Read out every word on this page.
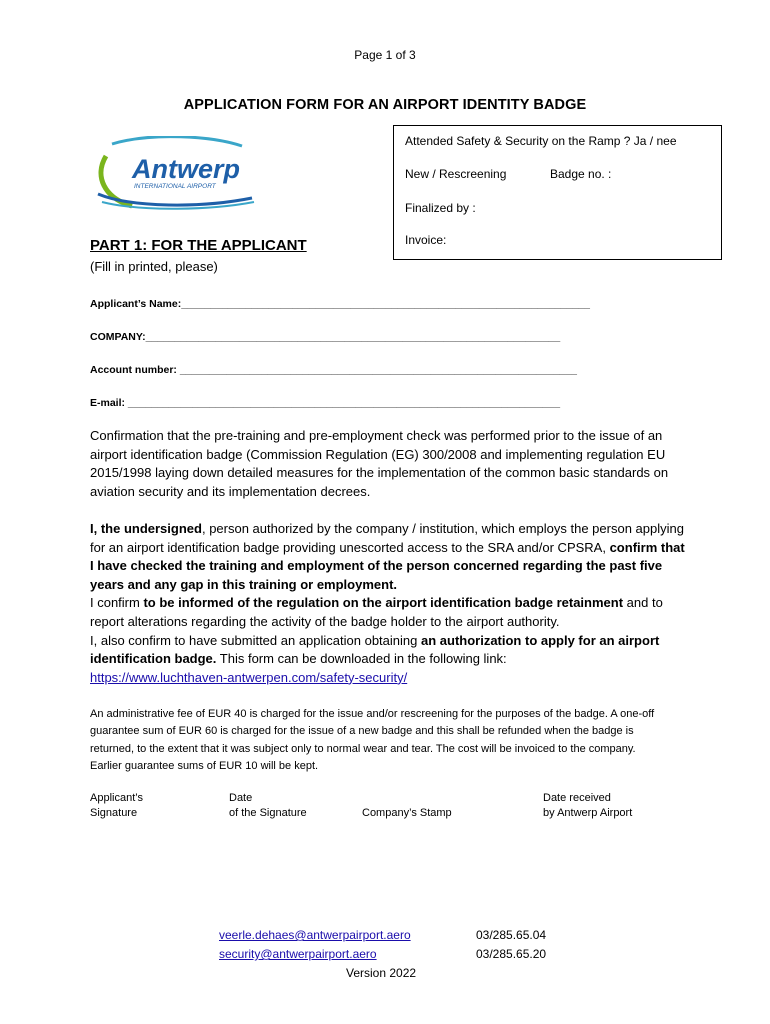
Page 1 of 3
APPLICATION FORM FOR AN AIRPORT IDENTITY BADGE
Antwerp
INTERNATIONAL AIRPORT
Attended Safety & Security on the Ramp ? Ja / nee
New / Rescreening	Badge no. :
Finalized by :
Invoice:
PART 1: FOR THE APPLICANT
(Fill in printed, please)
Applicant’s Name:______________________________________________________________________
COMPANY:_______________________________________________________________________
Account number: ____________________________________________________________________
E-mail: __________________________________________________________________________
Confirmation that the pre-training and pre-employment check was performed prior to the issue of an airport identification badge (Commission Regulation (EG) 300/2008 and implementing regulation EU 2015/1998 laying down detailed measures for the implementation of the common basic standards on aviation security and its implementation decrees.
I, the undersigned, person authorized by the company / institution, which employs the person applying for an airport identification badge providing unescorted access to the SRA and/or CPSRA, confirm that I have checked the training and employment of the person concerned regarding the past five years and any gap in this training or employment.
I confirm to be informed of the regulation on the airport identification badge retainment and to report alterations regarding the activity of the badge holder to the airport authority.
I, also confirm to have submitted an application obtaining an authorization to apply for an airport identification badge. This form can be downloaded in the following link:
https://www.luchthaven-antwerpen.com/safety-security/
An administrative fee of EUR 40 is charged for the issue and/or rescreening for the purposes of the badge. A one-off guarantee sum of EUR 60 is charged for the issue of a new badge and this shall be refunded when the badge is returned, to the extent that it was subject only to normal wear and tear. The cost will be invoiced to the company. Earlier guarantee sums of EUR 10 will be kept.
Applicant’s
Signature
Date
of the Signature	Company’s Stamp
Date received
by Antwerp Airport
veerle.dehaes@antwerpairport.aero
security@antwerpairport.aero
03/285.65.04
03/285.65.20
Version 2022
